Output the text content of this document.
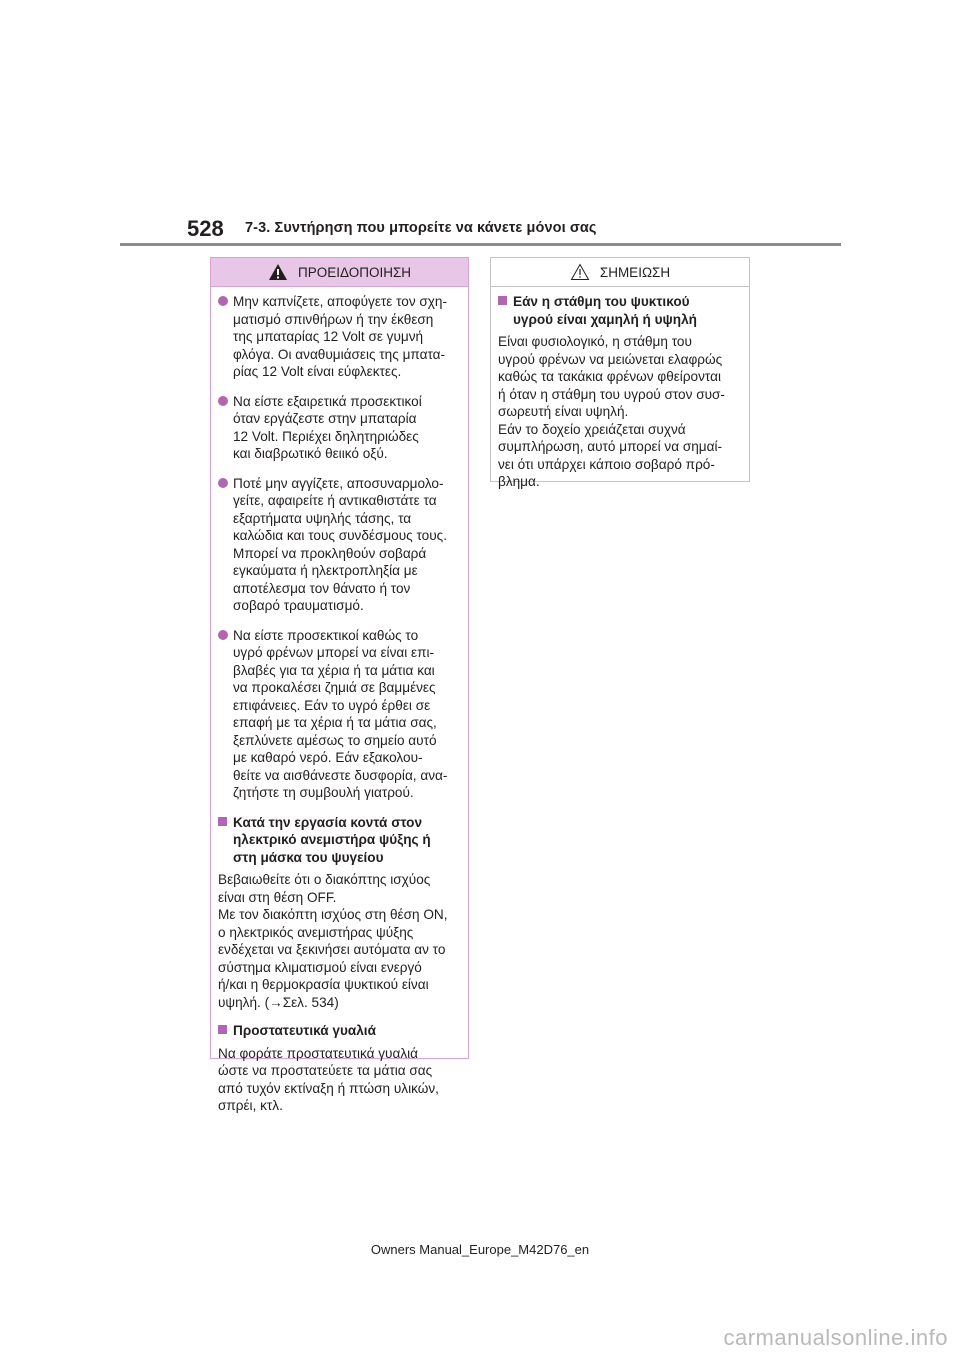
528 7-3. Συντήρηση που μπορείτε να κάνετε μόνοι σας
ΠΡΟΕΙΔΟΠΟΙΗΣΗ
Μην καπνίζετε, αποφύγετε τον σχη-
ματισμό σπινθήρων ή την έκθεση
της μπαταρίας 12 Volt σε γυμνή
φλόγα. Οι αναθυμιάσεις της μπατα-
ρίας 12 Volt είναι εύφλεκτες.
Να είστε εξαιρετικά προσεκτικοί
όταν εργάζεστε στην μπαταρία
12 Volt. Περιέχει δηλητηριώδες
και διαβρωτικό θειικό οξύ.
Ποτέ μην αγγίζετε, αποσυναρμολο-
γείτε, αφαιρείτε ή αντικαθιστάτε τα
εξαρτήματα υψηλής τάσης, τα
καλώδια και τους συνδέσμους τους.
Μπορεί να προκληθούν σοβαρά
εγκαύματα ή ηλεκτροπληξία με
αποτέλεσμα τον θάνατο ή τον
σοβαρό τραυματισμό.
Να είστε προσεκτικοί καθώς το
υγρό φρένων μπορεί να είναι επι-
βλαβές για τα χέρια ή τα μάτια και
να προκαλέσει ζημιά σε βαμμένες
επιφάνειες. Εάν το υγρό έρθει σε
επαφή με τα χέρια ή τα μάτια σας,
ξεπλύνετε αμέσως το σημείο αυτό
με καθαρό νερό. Εάν εξακολου-
θείτε να αισθάνεστε δυσφορία, ανα-
ζητήστε τη συμβουλή γιατρού.
Κατά την εργασία κοντά στον
ηλεκτρικό ανεμιστήρα ψύξης ή
στη μάσκα του ψυγείου
Βεβαιωθείτε ότι ο διακόπτης ισχύος
είναι στη θέση OFF.
Με τον διακόπτη ισχύος στη θέση ON,
ο ηλεκτρικός ανεμιστήρας ψύξης
ενδέχεται να ξεκινήσει αυτόματα αν το
σύστημα κλιματισμού είναι ενεργό
ή/και η θερμοκρασία ψυκτικού είναι
υψηλή. (→Σελ. 534)
Προστατευτικά γυαλιά
Να φοράτε προστατευτικά γυαλιά
ώστε να προστατεύετε τα μάτια σας
από τυχόν εκτίναξη ή πτώση υλικών,
σπρέι, κτλ.
ΣΗΜΕΙΩΣΗ
Εάν η στάθμη του ψυκτικού
υγρού είναι χαμηλή ή υψηλή
Είναι φυσιολογικό, η στάθμη του
υγρού φρένων να μειώνεται ελαφρώς
καθώς τα τακάκια φρένων φθείρονται
ή όταν η στάθμη του υγρού στον συσ-
σωρευτή είναι υψηλή.
Εάν το δοχείο χρειάζεται συχνά
συμπλήρωση, αυτό μπορεί να σημαί-
νει ότι υπάρχει κάποιο σοβαρό πρό-
βλημα.
Owners Manual_Europe_M42D76_en
carmanualsonline.info
